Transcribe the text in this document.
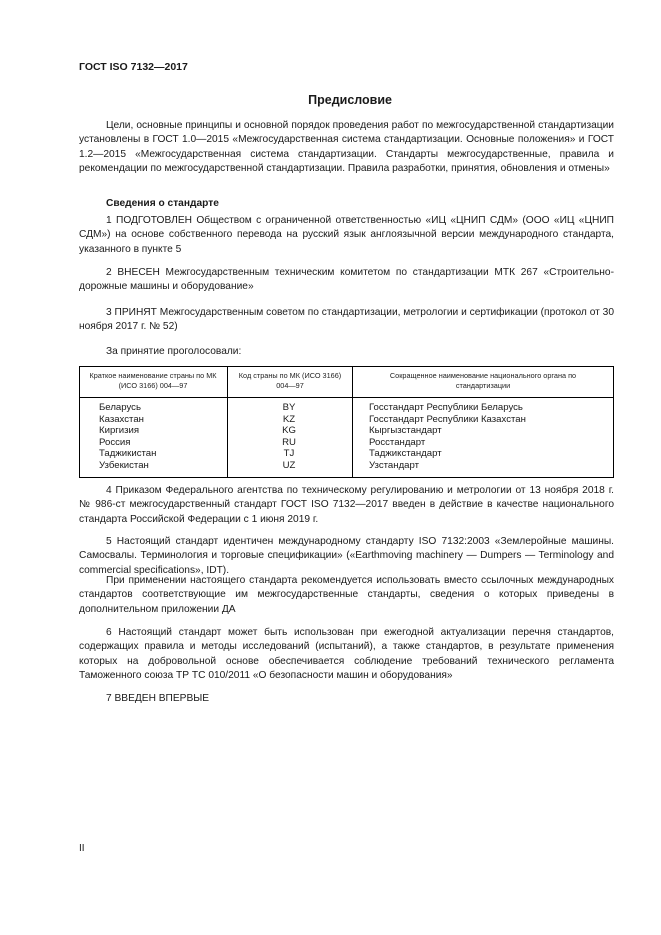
ГОСТ ISO 7132—2017
Предисловие
Цели, основные принципы и основной порядок проведения работ по межгосударственной стандартизации установлены в ГОСТ 1.0—2015 «Межгосударственная система стандартизации. Основные положения» и ГОСТ 1.2—2015 «Межгосударственная система стандартизации. Стандарты межгосударственные, правила и рекомендации по межгосударственной стандартизации. Правила разработки, принятия, обновления и отмены»
Сведения о стандарте
1 ПОДГОТОВЛЕН Обществом с ограниченной ответственностью «ИЦ «ЦНИП СДМ» (ООО «ИЦ «ЦНИП СДМ») на основе собственного перевода на русский язык англоязычной версии международного стандарта, указанного в пункте 5
2 ВНЕСЕН Межгосударственным техническим комитетом по стандартизации МТК 267 «Строительно-дорожные машины и оборудование»
3 ПРИНЯТ Межгосударственным советом по стандартизации, метрологии и сертификации (протокол от 30 ноября 2017 г. № 52)
За принятие проголосовали:
Краткое наименование страны по МК (ИСО 3166) 004—97
Код страны по МК (ИСО 3166) 004—97
Сокращенное наименование национального органа по стандартизации
Беларусь
Казахстан
Киргизия
Россия
Таджикистан
Узбекистан
BY
KZ
KG
RU
TJ
UZ
Госстандарт Республики Беларусь
Госстандарт Республики Казахстан
Кыргызстандарт
Росстандарт
Таджикстандарт
Узстандарт
4 Приказом Федерального агентства по техническому регулированию и метрологии от 13 ноября 2018 г. № 986-ст межгосударственный стандарт ГОСТ ISO 7132—2017 введен в действие в качестве национального стандарта Российской Федерации с 1 июня 2019 г.
5 Настоящий стандарт идентичен международному стандарту ISO 7132:2003 «Землеройные машины. Самосвалы. Терминология и торговые спецификации» («Earthmoving machinery — Dumpers — Terminology and commercial specifications», IDT).
При применении настоящего стандарта рекомендуется использовать вместо ссылочных международных стандартов соответствующие им межгосударственные стандарты, сведения о которых приведены в дополнительном приложении ДА
6 Настоящий стандарт может быть использован при ежегодной актуализации перечня стандартов, содержащих правила и методы исследований (испытаний), а также стандартов, в результате применения которых на добровольной основе обеспечивается соблюдение требований технического регламента Таможенного союза ТР ТС 010/2011 «О безопасности машин и оборудования»
7 ВВЕДЕН ВПЕРВЫЕ
II
